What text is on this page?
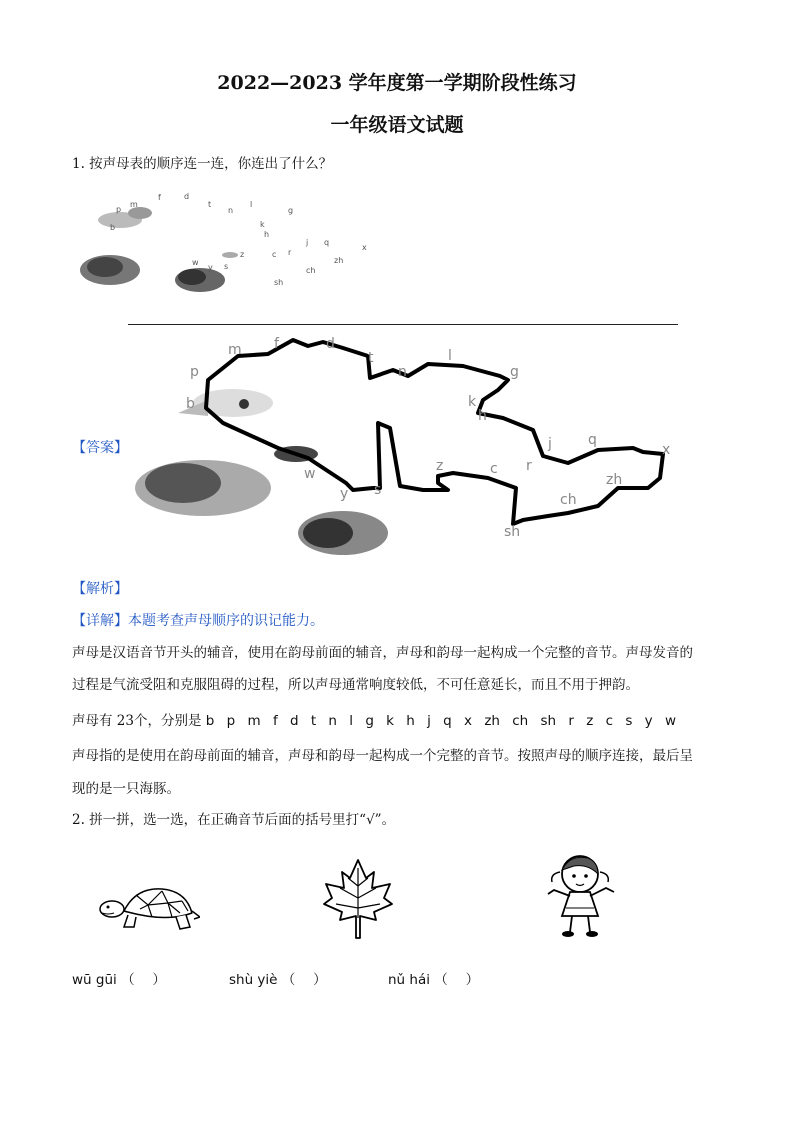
2022—2023 学年度第一学期阶段性练习
一年级语文试题
1. 按声母表的顺序连一连，你连出了什么？
p
m
f	d
t
n
l
g
b	k
h
j q
x
z	c r
zh
w
y s	ch
sh
【答案】
p
m f	d
t
n
l
g
b	k
h
j	q
x
z	c r
zh
w
y s
ch
sh
【解析】
【详解】本题考查声母顺序的识记能力。
声母是汉语音节开头的辅音，使用在韵母前面的辅音，声母和韵母一起构成一个完整的音节。声母发音的
过程是气流受阻和克服阻碍的过程，所以声母通常响度较低，不可任意延长，而且不用于押韵。
声母有 23个，分别是 b p m f d t n l g k h j q x zh ch sh r z c s y w
声母指的是使用在韵母前面的辅音，声母和韵母一起构成一个完整的音节。按照声母的顺序连接，最后呈
现的是一只海豚。
2. 拼一拼，选一选，在正确音节后面的括号里打“√”。
wū gūi （　 ）	shù yiè （　 ）	nǔ hái （　 ）
